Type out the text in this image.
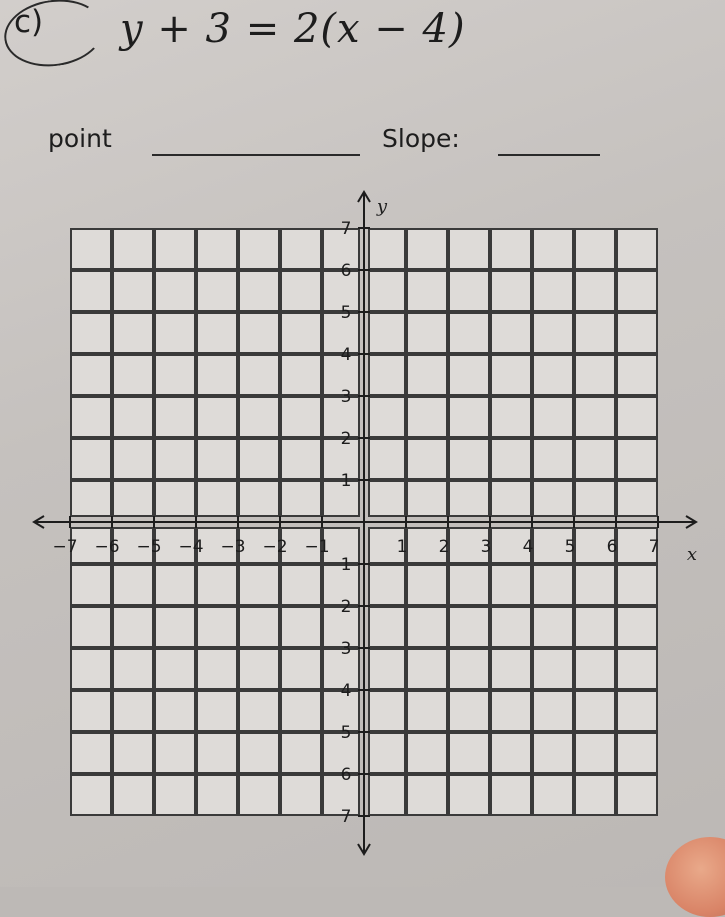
c) y + 3 = 2(x − 4)
point	Slope:
−7 −6 −5 −4 −3 −2 −1	1 2 3 4 5 6 7
7
6
5
4
3
2
1
1
2
3
4
5
6
7
x
y
